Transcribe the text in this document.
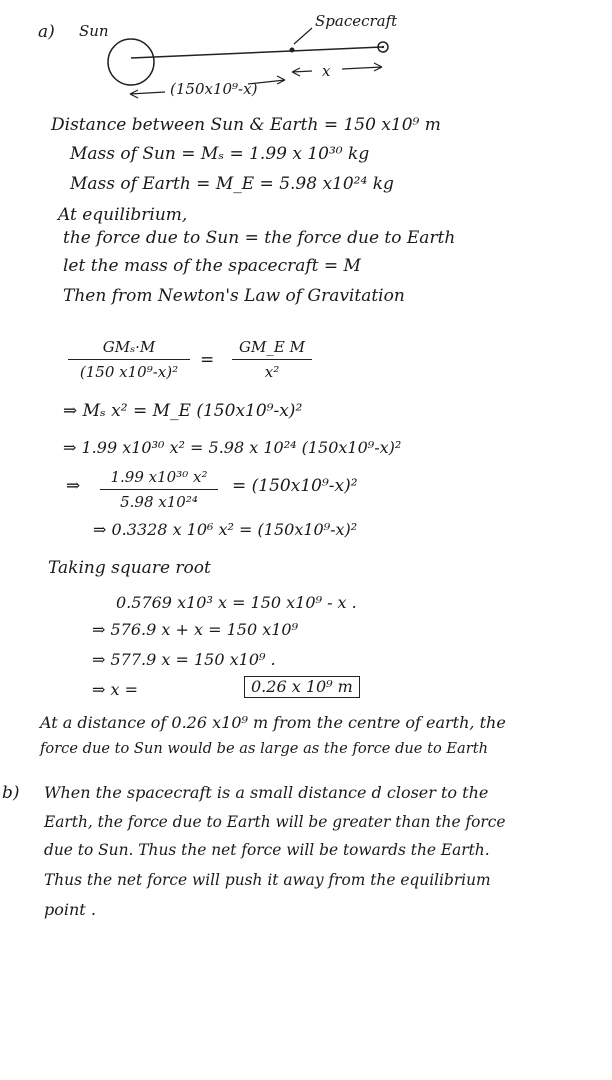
a) Sun
Spacecraft
(150x10⁹-x)
x
Distance between Sun & Earth = 150 x10⁹ m
Mass of Sun = Mₛ = 1.99 x 10³⁰ kg
Mass of Earth = M_E = 5.98 x10²⁴ kg
At equilibrium,
the force due to Sun = the force due to Earth
let the mass of the spacecraft = M
Then from Newton's Law of Gravitation
GMₛ·M
(150 x10⁹-x)²
=
GM_E M
x²
⇒ Mₛ x² = M_E (150x10⁹-x)²
⇒ 1.99 x10³⁰ x² = 5.98 x 10²⁴ (150x10⁹-x)²
⇒	1.99 x10³⁰ x²
5.98 x10²⁴
= (150x10⁹-x)²
⇒ 0.3328 x 10⁶ x² = (150x10⁹-x)²
Taking square root
0.5769 x10³ x = 150 x10⁹ - x .
⇒ 576.9 x + x = 150 x10⁹
⇒ 577.9 x = 150 x10⁹ .
⇒ x =	0.26 x 10⁹ m
At a distance of 0.26 x10⁹ m from the centre of earth, the
force due to Sun would be as large as the force due to Earth
b) When the spacecraft is a small distance d closer to the
Earth, the force due to Earth will be greater than the force
due to Sun. Thus the net force will be towards the Earth.
Thus the net force will push it away from the equilibrium
point .
